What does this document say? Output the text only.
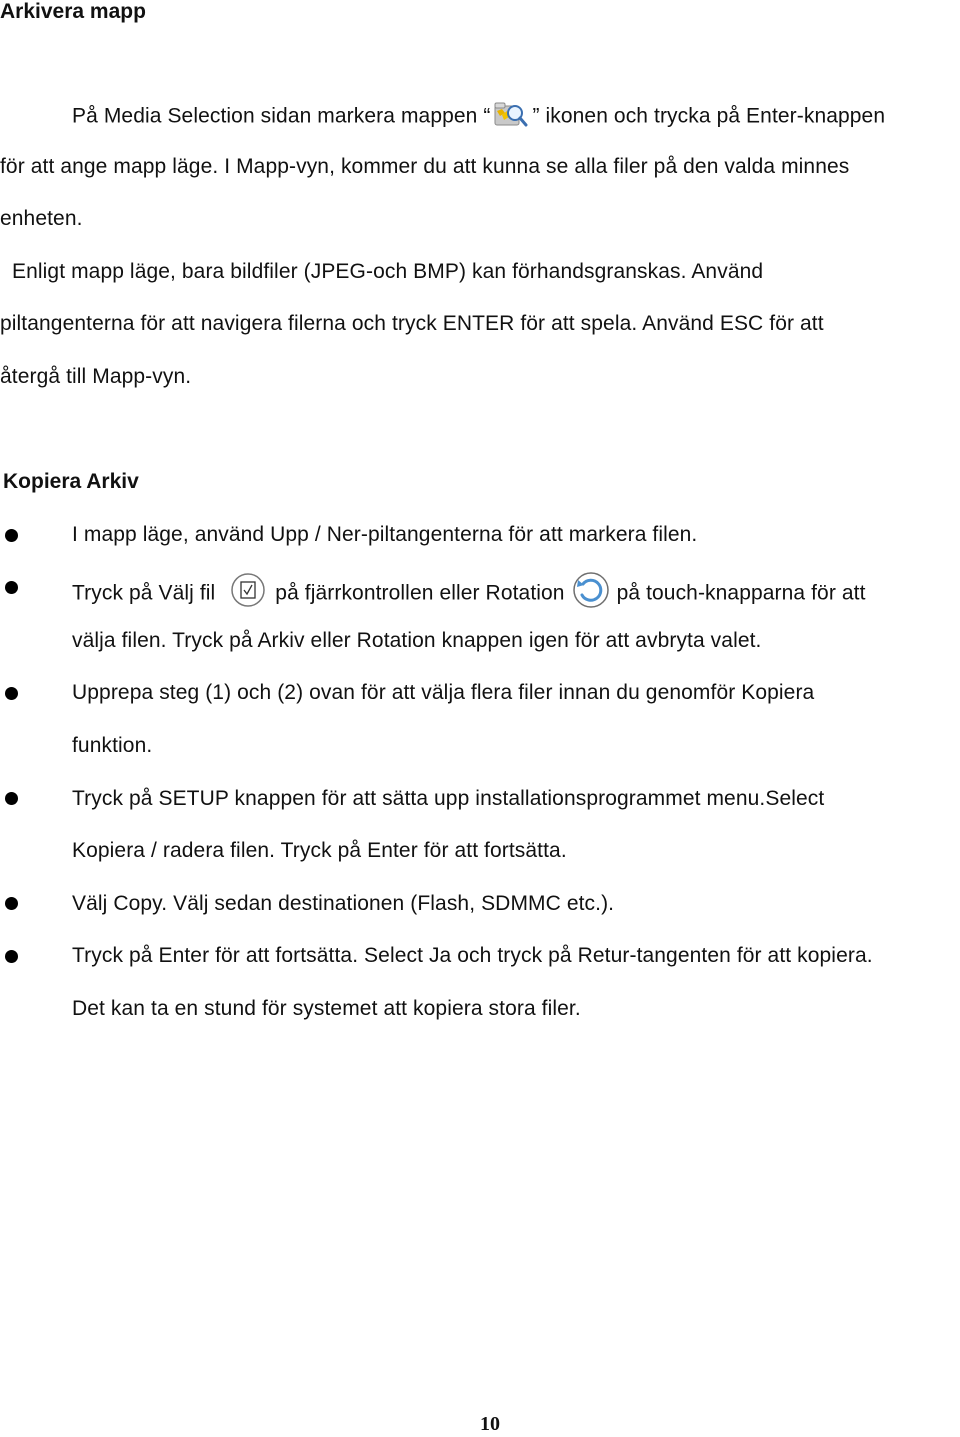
Arkivera mapp
På Media Selection sidan markera mappen “ ” ikonen och trycka på Enter-knappen
för att ange mapp läge. I Mapp-vyn, kommer du att kunna se alla filer på den valda minnes
enheten.
Enligt mapp läge, bara bildfiler (JPEG-och BMP) kan förhandsgranskas. Använd
piltangenterna för att navigera filerna och tryck ENTER för att spela. Använd ESC för att
återgå till Mapp-vyn.
Kopiera Arkiv
I mapp läge, använd Upp / Ner-piltangenterna för att markera filen.
Tryck på Välj fil	på fjärrkontrollen eller Rotation på touch-knapparna för att
välja filen. Tryck på Arkiv eller Rotation knappen igen för att avbryta valet.
Upprepa steg (1) och (2) ovan för att välja flera filer innan du genomför Kopiera
funktion.
Tryck på SETUP knappen för att sätta upp installationsprogrammet menu.Select
Kopiera / radera filen. Tryck på Enter för att fortsätta.
Välj Copy. Välj sedan destinationen (Flash, SDMMC etc.).
Tryck på Enter för att fortsätta. Select Ja och tryck på Retur-tangenten för att kopiera.
Det kan ta en stund för systemet att kopiera stora filer.
10
